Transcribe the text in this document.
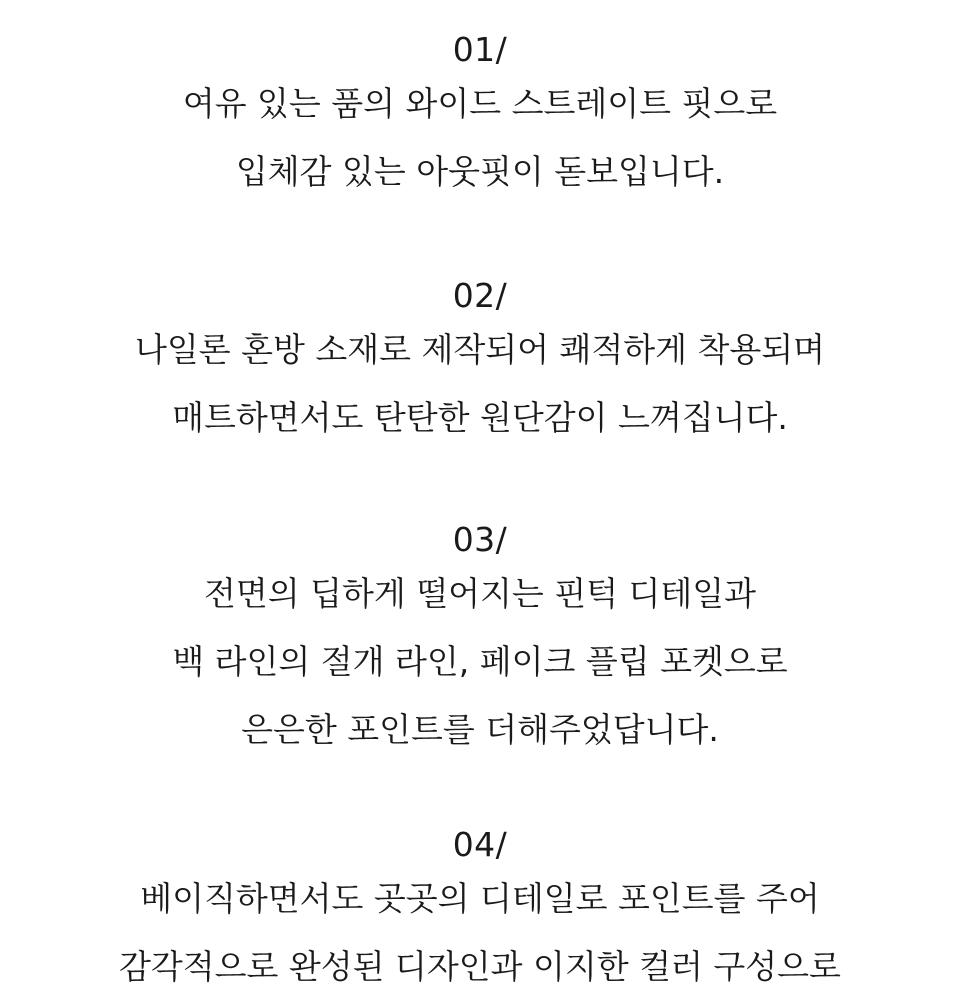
01/
여유 있는 품의 와이드 스트레이트 핏으로
입체감 있는 아웃핏이 돋보입니다.
02/
나일론 혼방 소재로 제작되어 쾌적하게 착용되며
매트하면서도 탄탄한 원단감이 느껴집니다.
03/
전면의 딥하게 떨어지는 핀턱 디테일과
백 라인의 절개 라인, 페이크 플립 포켓으로
은은한 포인트를 더해주었답니다.
04/
베이직하면서도 곳곳의 디테일로 포인트를 주어
감각적으로 완성된 디자인과 이지한 컬러 구성으로
